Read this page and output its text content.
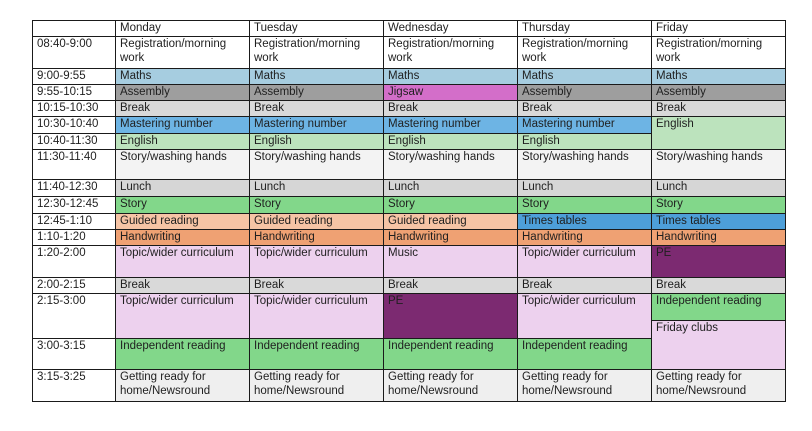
	Monday	Tuesday	Wednesday	Thursday	Friday
08:40-9:00	Registration/morning work	Registration/morning work	Registration/morning work	Registration/morning work	Registration/morning work
9:00-9:55	Maths	Maths	Maths	Maths	Maths
9:55-10:15	Assembly	Assembly	Jigsaw	Assembly	Assembly
10:15-10:30	Break	Break	Break	Break	Break
10:30-10:40	Mastering number	Mastering number	Mastering number	Mastering number	English
10:40-11:30	English	English	English	English	
11:30-11:40	Story/washing hands	Story/washing hands	Story/washing hands	Story/washing hands	Story/washing hands
11:40-12:30	Lunch	Lunch	Lunch	Lunch	Lunch
12:30-12:45	Story	Story	Story	Story	Story
12:45-1:10	Guided reading	Guided reading	Guided reading	Times tables	Times tables
1:10-1:20	Handwriting	Handwriting	Handwriting	Handwriting	Handwriting
1:20-2:00	Topic/wider curriculum	Topic/wider curriculum	Music	Topic/wider curriculum	PE
2:00-2:15	Break	Break	Break	Break	Break
2:15-3:00	Topic/wider curriculum	Topic/wider curriculum	PE	Topic/wider curriculum	Independent reading
					Friday clubs
3:00-3:15	Independent reading	Independent reading	Independent reading	Independent reading	
3:15-3:25	Getting ready for home/Newsround	Getting ready for home/Newsround	Getting ready for home/Newsround	Getting ready for home/Newsround	Getting ready for home/Newsround
